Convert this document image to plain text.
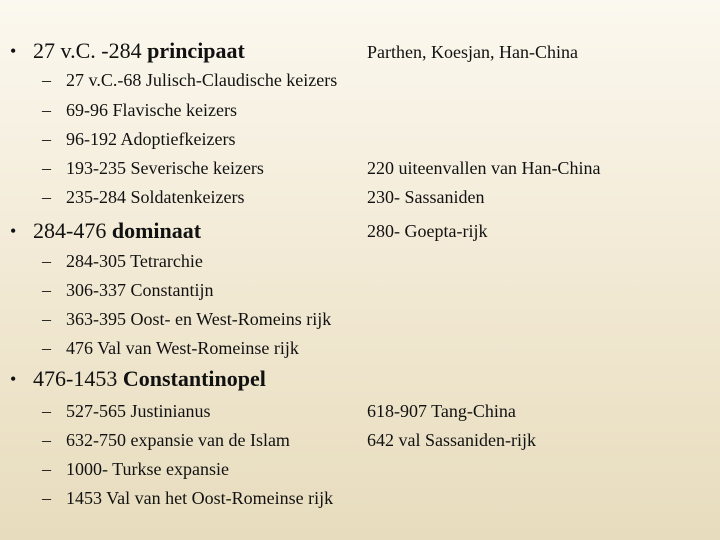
• 27 v.C. -284 principaat	Parthen, Koesjan, Han-China
– 27 v.C.-68 Julisch-Claudische keizers
– 69-96 Flavische keizers
– 96-192 Adoptiefkeizers
– 193-235 Severische keizers	220 uiteenvallen van Han-China
– 235-284 Soldatenkeizers	230- Sassaniden
• 284-476 dominaat	280- Goepta-rijk
– 284-305 Tetrarchie
– 306-337 Constantijn
– 363-395 Oost- en West-Romeins rijk
– 476 Val van West-Romeinse rijk
• 476-1453 Constantinopel
– 527-565 Justinianus	618-907 Tang-China
– 632-750 expansie van de Islam	642 val Sassaniden-rijk
– 1000- Turkse expansie
– 1453 Val van het Oost-Romeinse rijk
